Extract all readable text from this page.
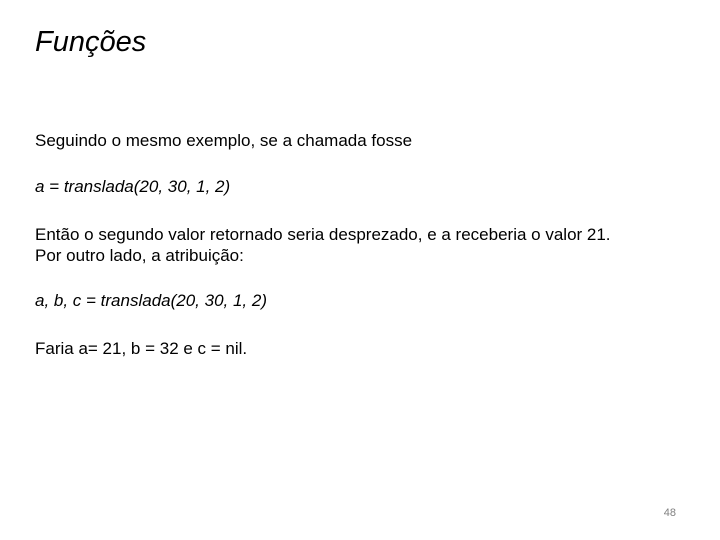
Funções
Seguindo o mesmo exemplo, se a chamada fosse
a = translada(20, 30, 1, 2)
Então o segundo valor retornado seria desprezado, e a receberia o valor 21.
Por outro lado, a atribuição:
a, b, c = translada(20, 30, 1, 2)
Faria a= 21, b = 32 e c = nil.
48
